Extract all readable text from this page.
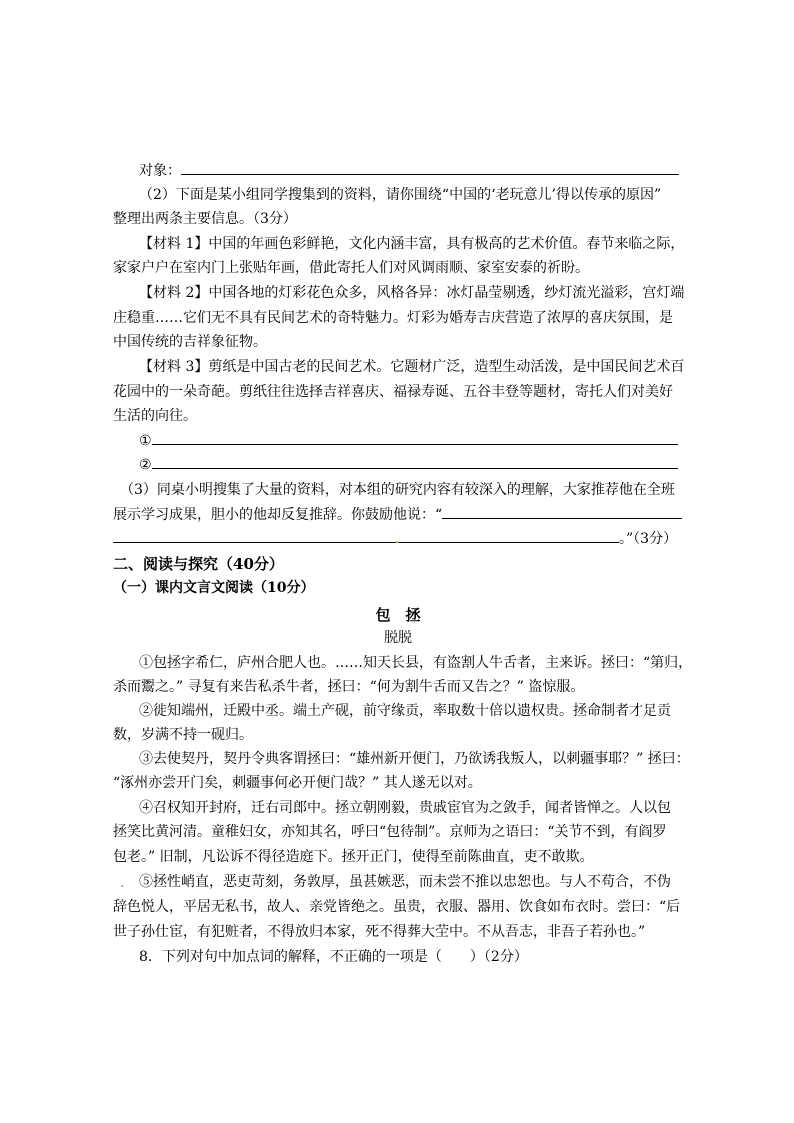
对象：
（2）下面是某小组同学搜集到的资料，请你围绕“中国的‘老玩意儿’得以传承的原因”
整理出两条主要信息。（3分）
【材料 1】中国的年画色彩鲜艳，文化内涵丰富，具有极高的艺术价值。春节来临之际，
家家户户在室内门上张贴年画，借此寄托人们对风调雨顺、家室安泰的祈盼。
【材料 2】中国各地的灯彩花色众多，风格各异：冰灯晶莹剔透，纱灯流光溢彩，宫灯端
庄稳重……它们无不具有民间艺术的奇特魅力。灯彩为婚寿吉庆营造了浓厚的喜庆氛围，是
中国传统的吉祥象征物。
【材料 3】剪纸是中国古老的民间艺术。它题材广泛，造型生动活泼，是中国民间艺术百
花园中的一朵奇葩。剪纸往往选择吉祥喜庆、福禄寿诞、五谷丰登等题材，寄托人们对美好
生活的向往。
①
②
（3）同桌小明搜集了大量的资料，对本组的研究内容有较深入的理解，大家推荐他在全班
展示学习成果，胆小的他却反复推辞。你鼓励他说：“
。”（3分）
二、阅读与探究（40分）
（一）课内文言文阅读（10分）
包　拯
脱脱
①包拯字希仁，庐州合肥人也。……知天长县，有盗割人牛舌者，主来诉。拯曰：“第归，
杀而鬻之。” 寻复有来告私杀牛者，拯曰：“何为割牛舌而又告之？” 盗惊服。
②徙知端州，迁殿中丞。端土产砚，前守缘贡，率取数十倍以遗权贵。拯命制者才足贡
数，岁满不持一砚归。
③去使契丹，契丹令典客谓拯曰：“雄州新开便门，乃欲诱我叛人，以刺疆事耶？” 拯曰：
“涿州亦尝开门矣，刺疆事何必开便门哉？” 其人遂无以对。
④召权知开封府，迁右司郎中。拯立朝刚毅，贵戚宦官为之敛手，闻者皆惮之。人以包
拯笑比黄河清。童稚妇女，亦知其名，呼曰“包待制”。京师为之语曰：“关节不到，有阎罗
包老。” 旧制，凡讼诉不得径造庭下。拯开正门，使得至前陈曲直，吏不敢欺。
⑤拯性峭直，恶吏苛刻，务敦厚，虽甚嫉恶，而未尝不推以忠恕也。与人不苟合，不伪
辞色悦人，平居无私书，故人、亲党皆绝之。虽贵，衣服、器用、饮食如布衣时。尝曰：“后
世子孙仕宦，有犯赃者，不得放归本家，死不得葬大茔中。不从吾志，非吾子若孙也。”
8．下列对句中加点词的解释，不正确的一项是（　　）（2分）
